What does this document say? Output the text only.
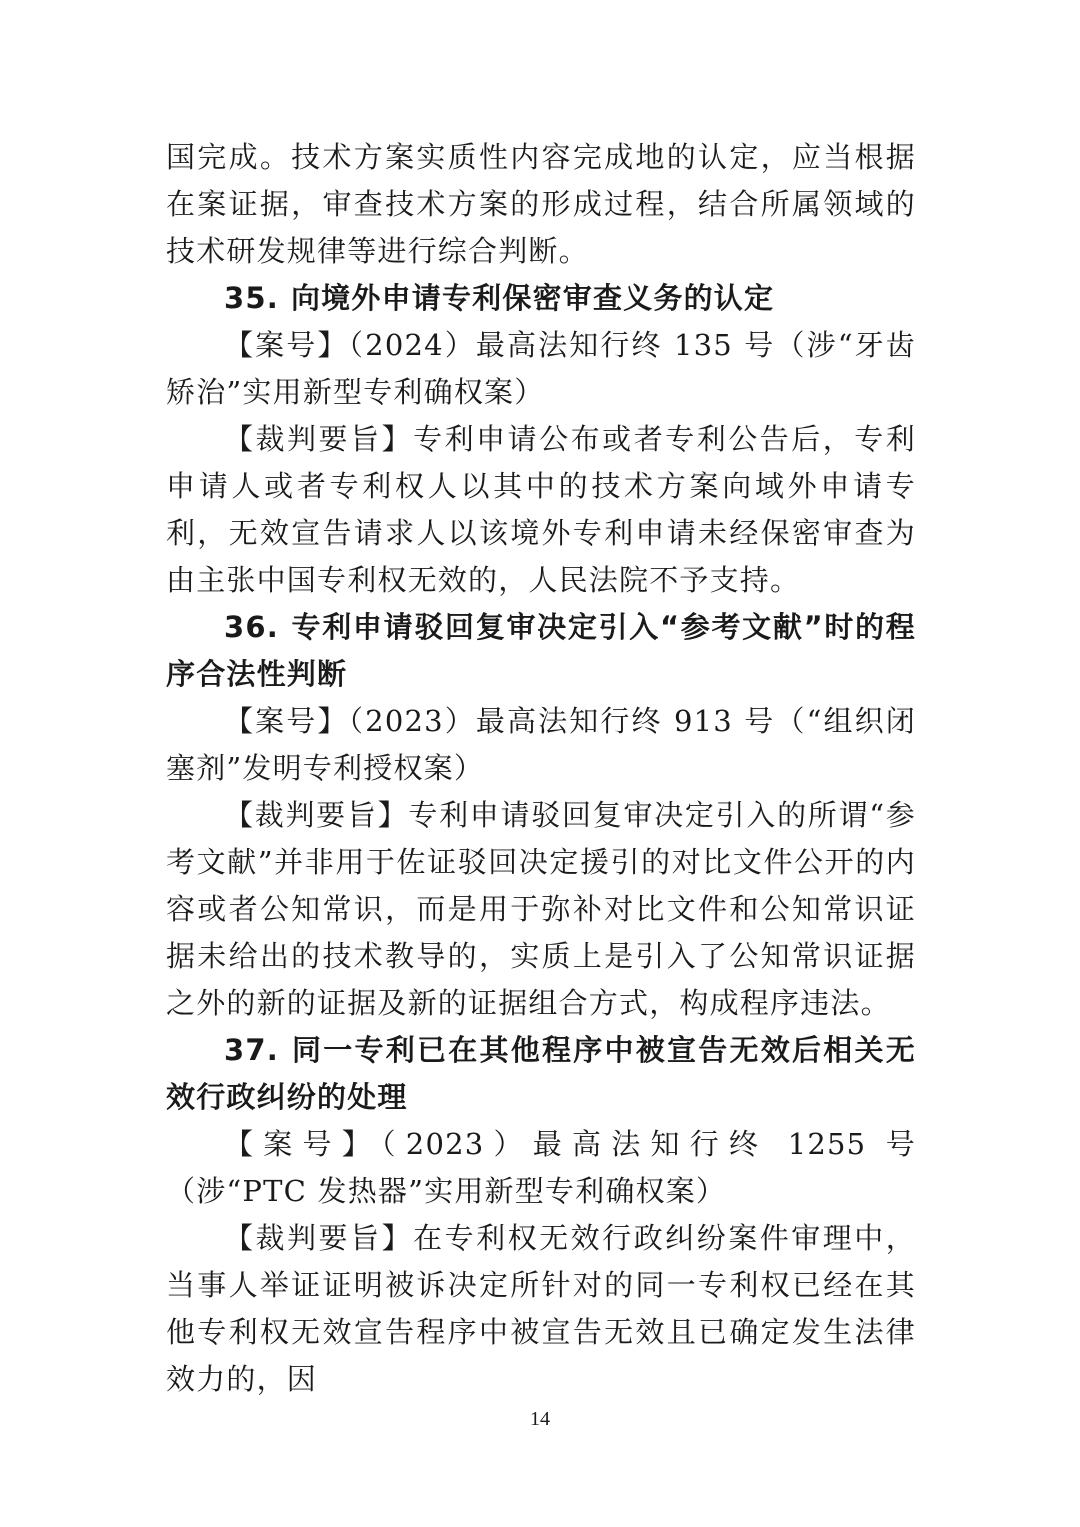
国完成。技术方案实质性内容完成地的认定，应当根据在案证据，审查技术方案的形成过程，结合所属领域的技术研发规律等进行综合判断。

35. 向境外申请专利保密审查义务的认定

【案号】（2024）最高法知行终 135 号（涉“牙齿矫治”实用新型专利确权案）

【裁判要旨】专利申请公布或者专利公告后，专利申请人或者专利权人以其中的技术方案向域外申请专利，无效宣告请求人以该境外专利申请未经保密审查为由主张中国专利权无效的，人民法院不予支持。

36. 专利申请驳回复审决定引入“参考文献”时的程序合法性判断

【案号】（2023）最高法知行终 913 号（“组织闭塞剂”发明专利授权案）

【裁判要旨】专利申请驳回复审决定引入的所谓“参考文献”并非用于佐证驳回决定援引的对比文件公开的内容或者公知常识，而是用于弥补对比文件和公知常识证据未给出的技术教导的，实质上是引入了公知常识证据之外的新的证据及新的证据组合方式，构成程序违法。

37. 同一专利已在其他程序中被宣告无效后相关无效行政纠纷的处理

【案号】（2023）最高法知行终 1255 号（涉“PTC 发热器”实用新型专利确权案）

【裁判要旨】在专利权无效行政纠纷案件审理中，当事人举证证明被诉决定所针对的同一专利权已经在其他专利权无效宣告程序中被宣告无效且已确定发生法律效力的，因

14
